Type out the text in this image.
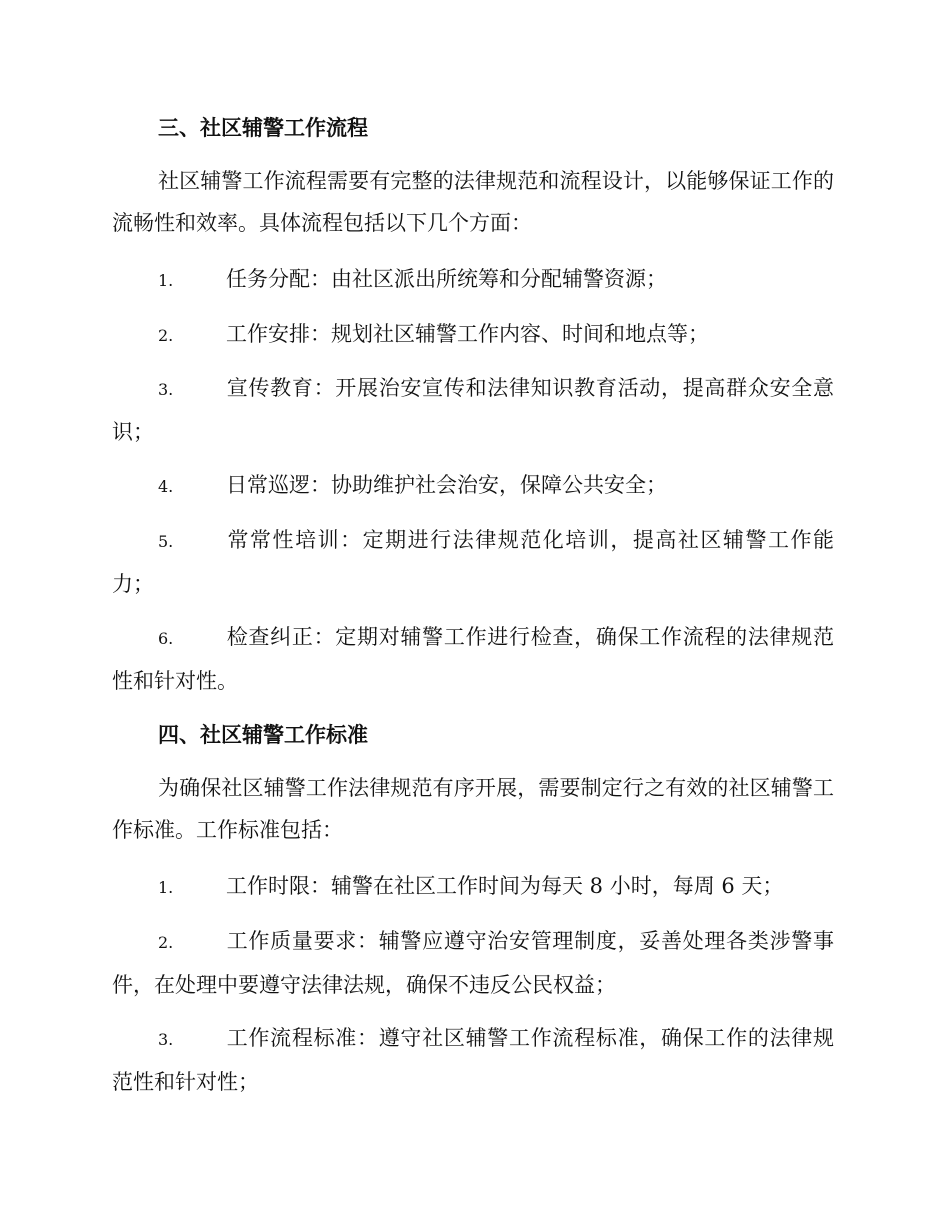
三、社区辅警工作流程

社区辅警工作流程需要有完整的法律规范和流程设计，以能够保证工作的流畅性和效率。具体流程包括以下几个方面：

1.	任务分配：由社区派出所统筹和分配辅警资源；

2.	工作安排：规划社区辅警工作内容、时间和地点等；

3.	宣传教育：开展治安宣传和法律知识教育活动，提高群众安全意识；

4.	日常巡逻：协助维护社会治安，保障公共安全；

5.	常常性培训：定期进行法律规范化培训，提高社区辅警工作能力；

6.	检查纠正：定期对辅警工作进行检查，确保工作流程的法律规范性和针对性。

四、社区辅警工作标准

为确保社区辅警工作法律规范有序开展，需要制定行之有效的社区辅警工作标准。工作标准包括：

1.	工作时限：辅警在社区工作时间为每天 8 小时，每周 6 天；

2.	工作质量要求：辅警应遵守治安管理制度，妥善处理各类涉警事件，在处理中要遵守法律法规，确保不违反公民权益；

3.	工作流程标准：遵守社区辅警工作流程标准，确保工作的法律规范性和针对性；
